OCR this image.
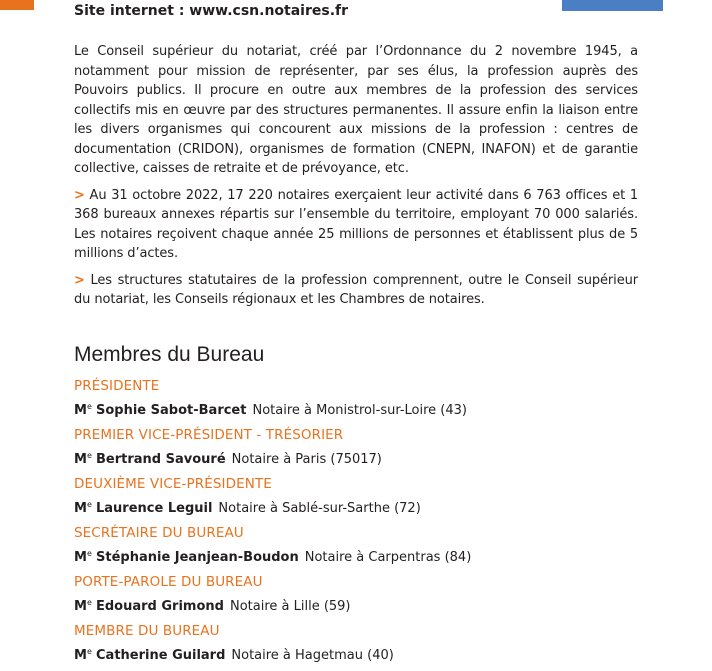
Site internet : www.csn.notaires.fr

Le Conseil supérieur du notariat, créé par l’Ordonnance du 2 novembre 1945, a notamment pour mission de représenter, par ses élus, la profession auprès des Pouvoirs publics. Il procure en outre aux membres de la profession des services collectifs mis en œuvre par des structures permanentes. Il assure enfin la liaison entre les divers organismes qui concourent aux missions de la profession : centres de documentation (CRIDON), organismes de formation (CNEPN, INAFON) et de garantie collective, caisses de retraite et de prévoyance, etc.

> Au 31 octobre 2022, 17 220 notaires exerçaient leur activité dans 6 763 offices et 1 368 bureaux annexes répartis sur l’ensemble du territoire, employant 70 000 salariés. Les notaires reçoivent chaque année 25 millions de personnes et établissent plus de 5 millions d’actes.

> Les structures statutaires de la profession comprennent, outre le Conseil supérieur du notariat, les Conseils régionaux et les Chambres de notaires.

Membres du Bureau
PRÉSIDENTE
Me Sophie Sabot-Barcet Notaire à Monistrol-sur-Loire (43)
PREMIER VICE-PRÉSIDENT - TRÉSORIER
Me Bertrand Savouré Notaire à Paris (75017)
DEUXIÈME VICE-PRÉSIDENTE
Me Laurence Leguil Notaire à Sablé-sur-Sarthe (72)
SECRÉTAIRE DU BUREAU
Me Stéphanie Jeanjean-Boudon Notaire à Carpentras (84)
PORTE-PAROLE DU BUREAU
Me Edouard Grimond Notaire à Lille (59)
MEMBRE DU BUREAU
Me Catherine Guilard Notaire à Hagetmau (40)
